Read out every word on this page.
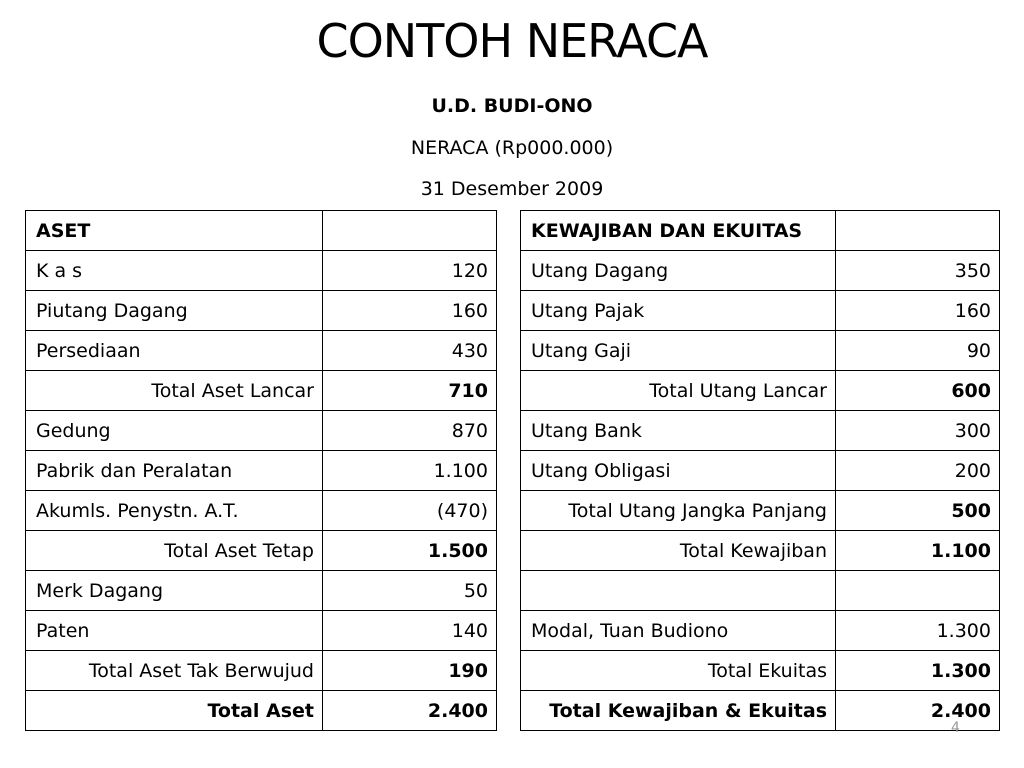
CONTOH NERACA
U.D. BUDI-ONO
NERACA (Rp000.000)
31 Desember 2009
ASET	
K a s	120
Piutang Dagang	160
Persediaan	430
Total Aset Lancar	710
Gedung	870
Pabrik dan Peralatan	1.100
Akumls. Penystn. A.T.	(470)
Total Aset Tetap	1.500
Merk Dagang	50
Paten	140
Total Aset Tak Berwujud	190
Total Aset	2.400
KEWAJIBAN DAN EKUITAS	
Utang Dagang	350
Utang Pajak	160
Utang Gaji	90
Total Utang Lancar	600
Utang Bank	300
Utang Obligasi	200
Total Utang Jangka Panjang	500
Total Kewajiban	1.100

Modal, Tuan Budiono	1.300
Total Ekuitas	1.300
Total Kewajiban & Ekuitas	2.400
4
